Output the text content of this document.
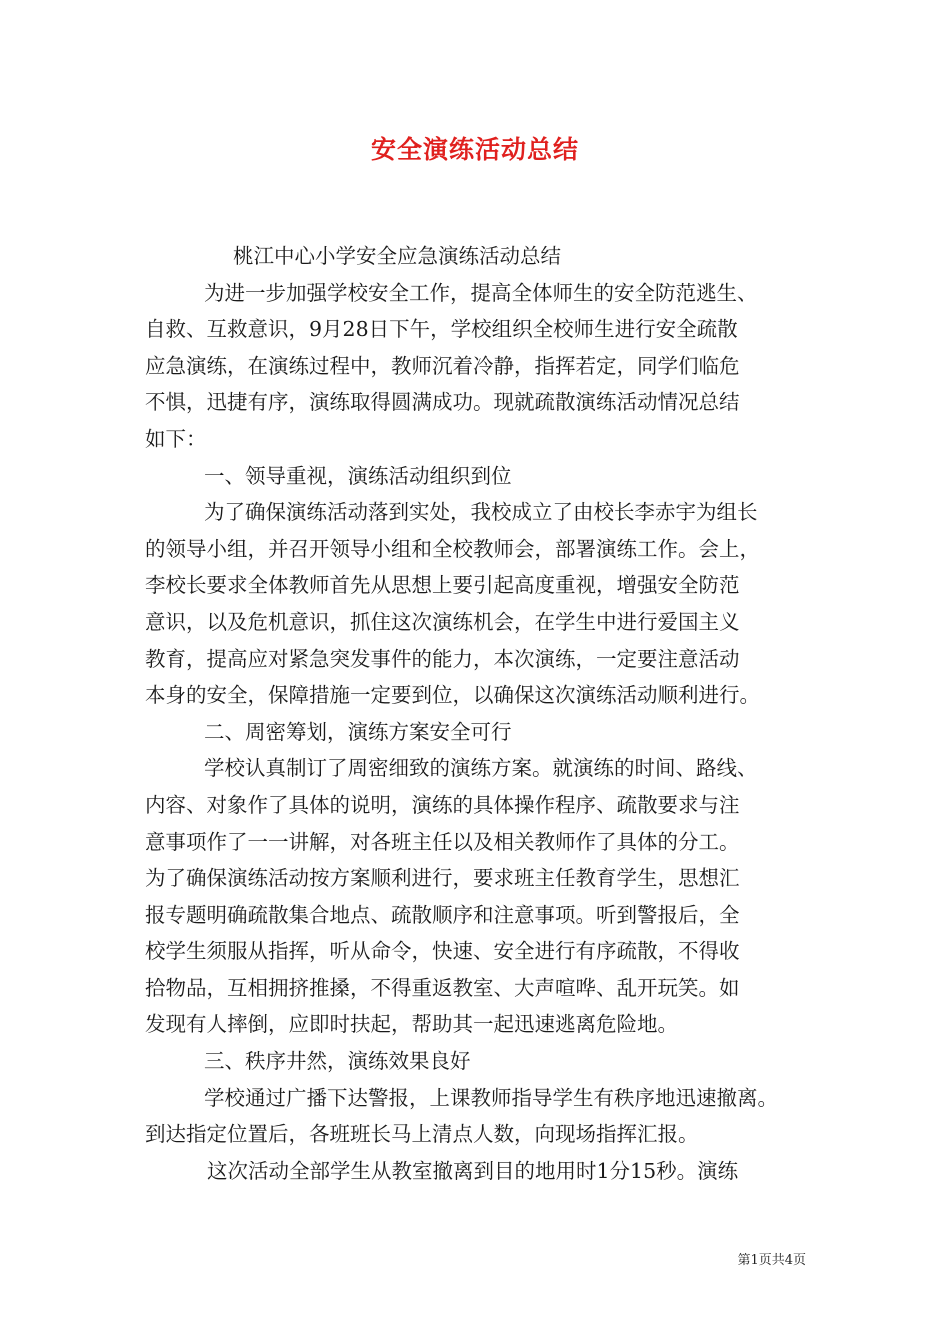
安全演练活动总结
桃江中心小学安全应急演练活动总结
为进一步加强学校安全工作，提高全体师生的安全防范逃生、
自救、互救意识，9月28日下午，学校组织全校师生进行安全疏散
应急演练，在演练过程中，教师沉着冷静，指挥若定，同学们临危
不惧，迅捷有序，演练取得圆满成功。现就疏散演练活动情况总结
如下：
一、领导重视，演练活动组织到位
为了确保演练活动落到实处，我校成立了由校长李赤宇为组长
的领导小组，并召开领导小组和全校教师会，部署演练工作。会上，
李校长要求全体教师首先从思想上要引起高度重视，增强安全防范
意识，以及危机意识，抓住这次演练机会，在学生中进行爱国主义
教育，提高应对紧急突发事件的能力，本次演练，一定要注意活动
本身的安全，保障措施一定要到位，以确保这次演练活动顺利进行。
二、周密筹划，演练方案安全可行
学校认真制订了周密细致的演练方案。就演练的时间、路线、
内容、对象作了具体的说明，演练的具体操作程序、疏散要求与注
意事项作了一一讲解，对各班主任以及相关教师作了具体的分工。
为了确保演练活动按方案顺利进行，要求班主任教育学生，思想汇
报专题明确疏散集合地点、疏散顺序和注意事项。听到警报后，全
校学生须服从指挥，听从命令，快速、安全进行有序疏散，不得收
拾物品，互相拥挤推搡，不得重返教室、大声喧哗、乱开玩笑。如
发现有人摔倒，应即时扶起，帮助其一起迅速逃离危险地。
三、秩序井然，演练效果良好
学校通过广播下达警报，上课教师指导学生有秩序地迅速撤离。
到达指定位置后，各班班长马上清点人数，向现场指挥汇报。
这次活动全部学生从教室撤离到目的地用时1分15秒。演练
第1页共4页
